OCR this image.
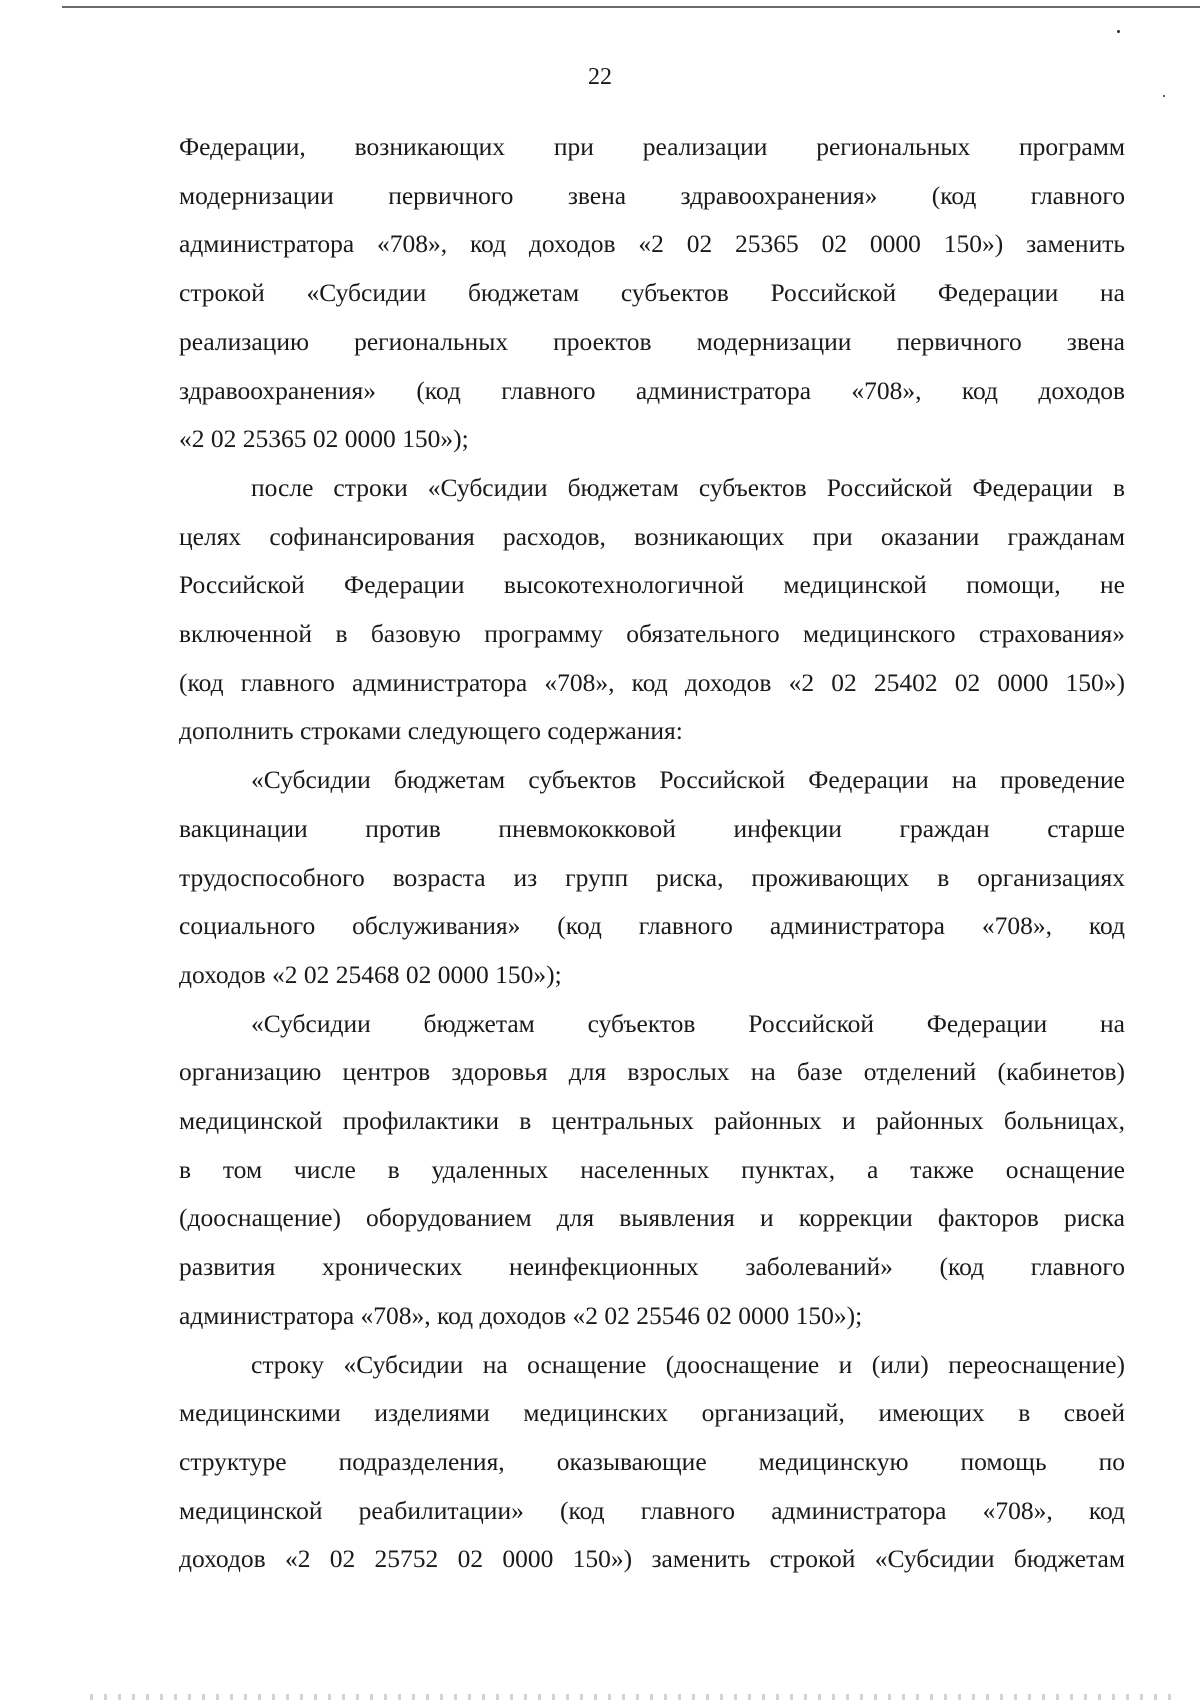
22

Федерации, возникающих при реализации региональных программ

модернизации первичного звена здравоохранения» (код главного

администратора «708», код доходов «2 02 25365 02 0000 150») заменить

строкой «Субсидии бюджетам субъектов Российской Федерации на

реализацию региональных проектов модернизации первичного звена

здравоохранения» (код главного администратора «708», код доходов

«2 02 25365 02 0000 150»);

после строки «Субсидии бюджетам субъектов Российской Федерации в

целях софинансирования расходов, возникающих при оказании гражданам

Российской Федерации высокотехнологичной медицинской помощи, не

включенной в базовую программу обязательного медицинского страхования»

(код главного администратора «708», код доходов «2 02 25402 02 0000 150»)

дополнить строками следующего содержания:

«Субсидии бюджетам субъектов Российской Федерации на проведение

вакцинации против пневмококковой инфекции граждан старше

трудоспособного возраста из групп риска, проживающих в организациях

социального обслуживания» (код главного администратора «708», код

доходов «2 02 25468 02 0000 150»);

«Субсидии бюджетам субъектов Российской Федерации на

организацию центров здоровья для взрослых на базе отделений (кабинетов)

медицинской профилактики в центральных районных и районных больницах,

в том числе в удаленных населенных пунктах, а также оснащение

(дооснащение) оборудованием для выявления и коррекции факторов риска

развития хронических неинфекционных заболеваний» (код главного

администратора «708», код доходов «2 02 25546 02 0000 150»);

строку «Субсидии на оснащение (дооснащение и (или) переоснащение)

медицинскими изделиями медицинских организаций, имеющих в своей

структуре подразделения, оказывающие медицинскую помощь по

медицинской реабилитации» (код главного администратора «708», код

доходов «2 02 25752 02 0000 150») заменить строкой «Субсидии бюджетам
